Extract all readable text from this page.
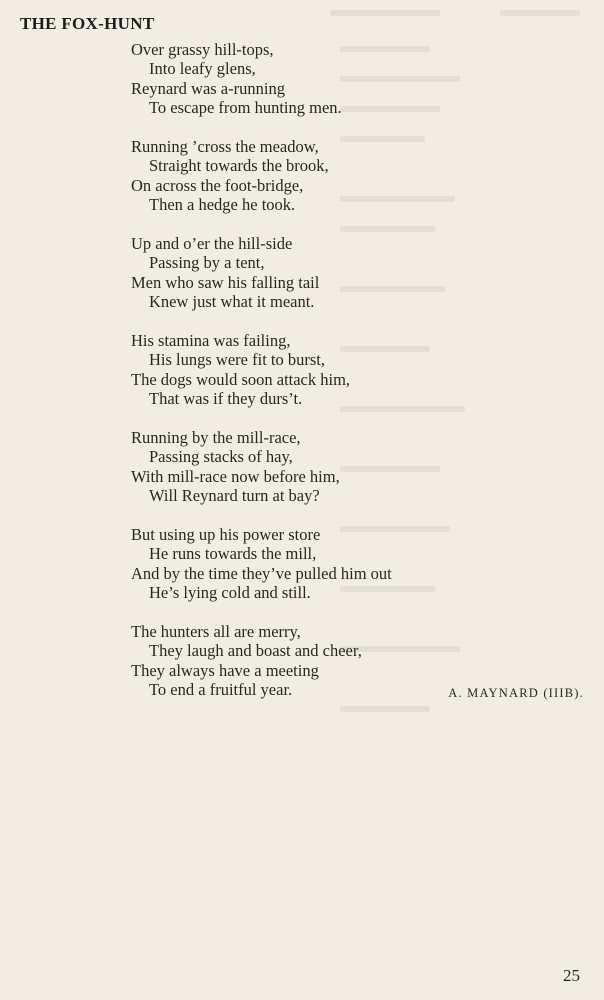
THE FOX-HUNT
Over grassy hill-tops,
Into leafy glens,
Reynard was a-running
To escape from hunting men.
Running ’cross the meadow,
Straight towards the brook,
On across the foot-bridge,
Then a hedge he took.
Up and o’er the hill-side
Passing by a tent,
Men who saw his falling tail
Knew just what it meant.
His stamina was failing,
His lungs were fit to burst,
The dogs would soon attack him,
That was if they durs’t.
Running by the mill-race,
Passing stacks of hay,
With mill-race now before him,
Will Reynard turn at bay?
But using up his power store
He runs towards the mill,
And by the time they’ve pulled him out
He’s lying cold and still.
The hunters all are merry,
They laugh and boast and cheer,
They always have a meeting
To end a fruitful year.	A. MAYNARD (IIIB).
25
